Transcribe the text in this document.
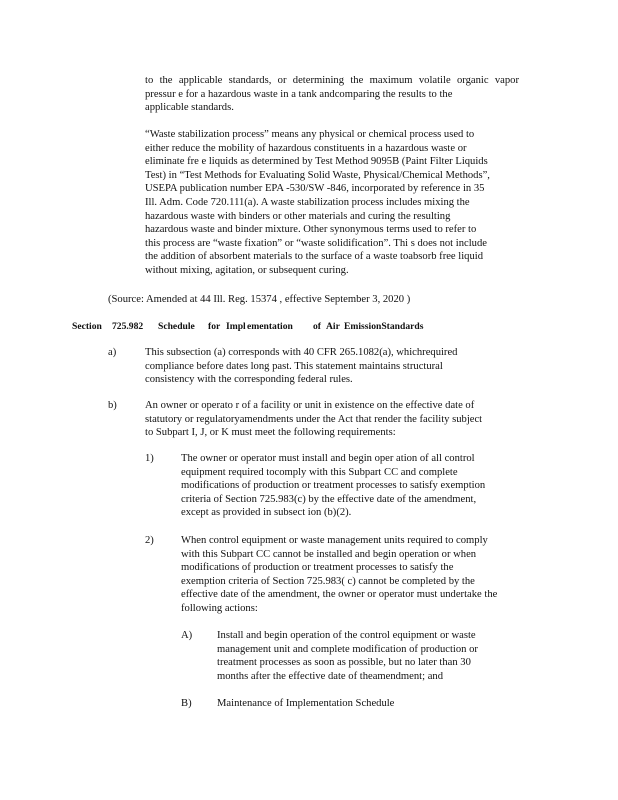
to the applicable standards, or determining the maximum volatile organic vapor
pressur e for a hazardous waste in a tank andcomparing the results to the
applicable standards.
“Waste stabilization process” means any physical or chemical process used to
either reduce the mobility of hazardous constituents in a hazardous waste or
eliminate fre e liquids as determined by Test Method 9095B (Paint Filter Liquids
Test) in “Test Methods for Evaluating Solid Waste, Physical/Chemical Methods”,
USEPA publication number EPA -530/SW -846, incorporated by reference in 35
Ill. Adm. Code 720.111(a). A waste stabilization process includes mixing the
hazardous waste with binders or other materials and curing the resulting
hazardous waste and binder mixture. Other synonymous terms used to refer to
this process are “waste fixation” or “waste solidification”. Thi s does not include
the addition of absorbent materials to the surface of a waste toabsorb free liquid
without mixing, agitation, or subsequent curing.
(Source: Amended at 44 Ill. Reg. 15374 , effective September 3, 2020 )
Section 725.982 Schedule for Impl ementation of Air EmissionStandards
a)	This subsection (a) corresponds with 40 CFR 265.1082(a), whichrequired
compliance before dates long past. This statement maintains structural
consistency with the corresponding federal rules.
b)	An owner or operato r of a facility or unit in existence on the effective date of
statutory or regulatoryamendments under the Act that render the facility subject
to Subpart I, J, or K must meet the following requirements:
1)	The owner or operator must install and begin oper ation of all control
equipment required tocomply with this Subpart CC and complete
modifications of production or treatment processes to satisfy exemption
criteria of Section 725.983(c) by the effective date of the amendment,
except as provided in subsect ion (b)(2).
2)	When control equipment or waste management units required to comply
with this Subpart CC cannot be installed and begin operation or when
modifications of production or treatment processes to satisfy the
exemption criteria of Section 725.983( c) cannot be completed by the
effective date of the amendment, the owner or operator must undertake the
following actions:
A) Install and begin operation of the control equipment or waste
management unit and complete modification of production or
treatment processes as soon as possible, but no later than 30
months after the effective date of theamendment; and
B) Maintenance of Implementation Schedule
